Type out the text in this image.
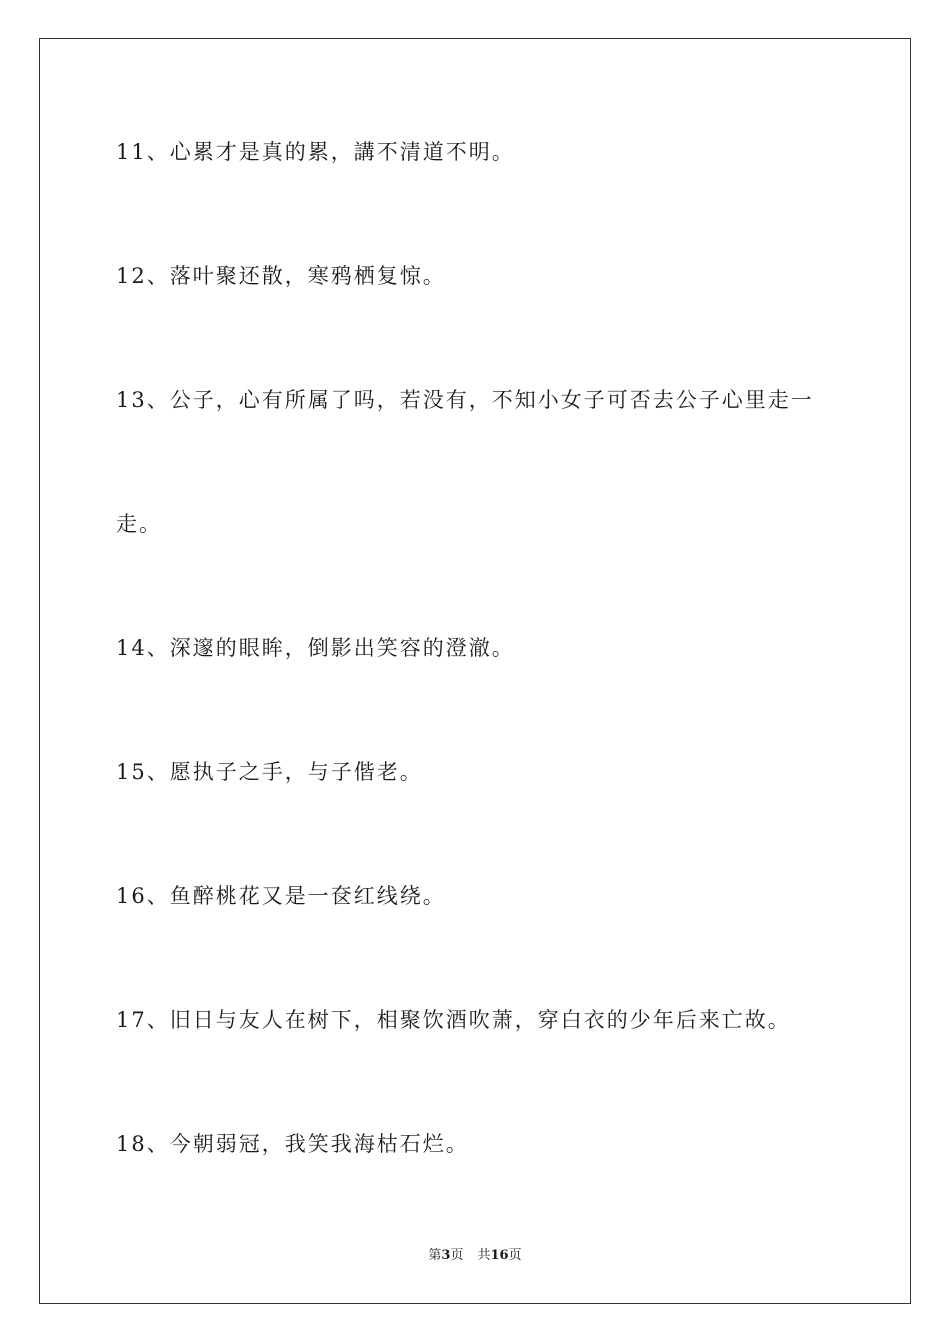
11、心累才是真的累，講不清道不明。
12、落叶聚还散，寒鸦栖复惊。
13、公子，心有所属了吗，若没有，不知小女子可否去公子心里走一
走。
14、深邃的眼眸，倒影出笑容的澄澈。
15、愿执子之手，与子偕老。
16、鱼醉桃花又是一奁红线绕。
17、旧日与友人在树下，相聚饮酒吹萧，穿白衣的少年后来亡故。
18、今朝弱冠，我笑我海枯石烂。
第3页 共16页
